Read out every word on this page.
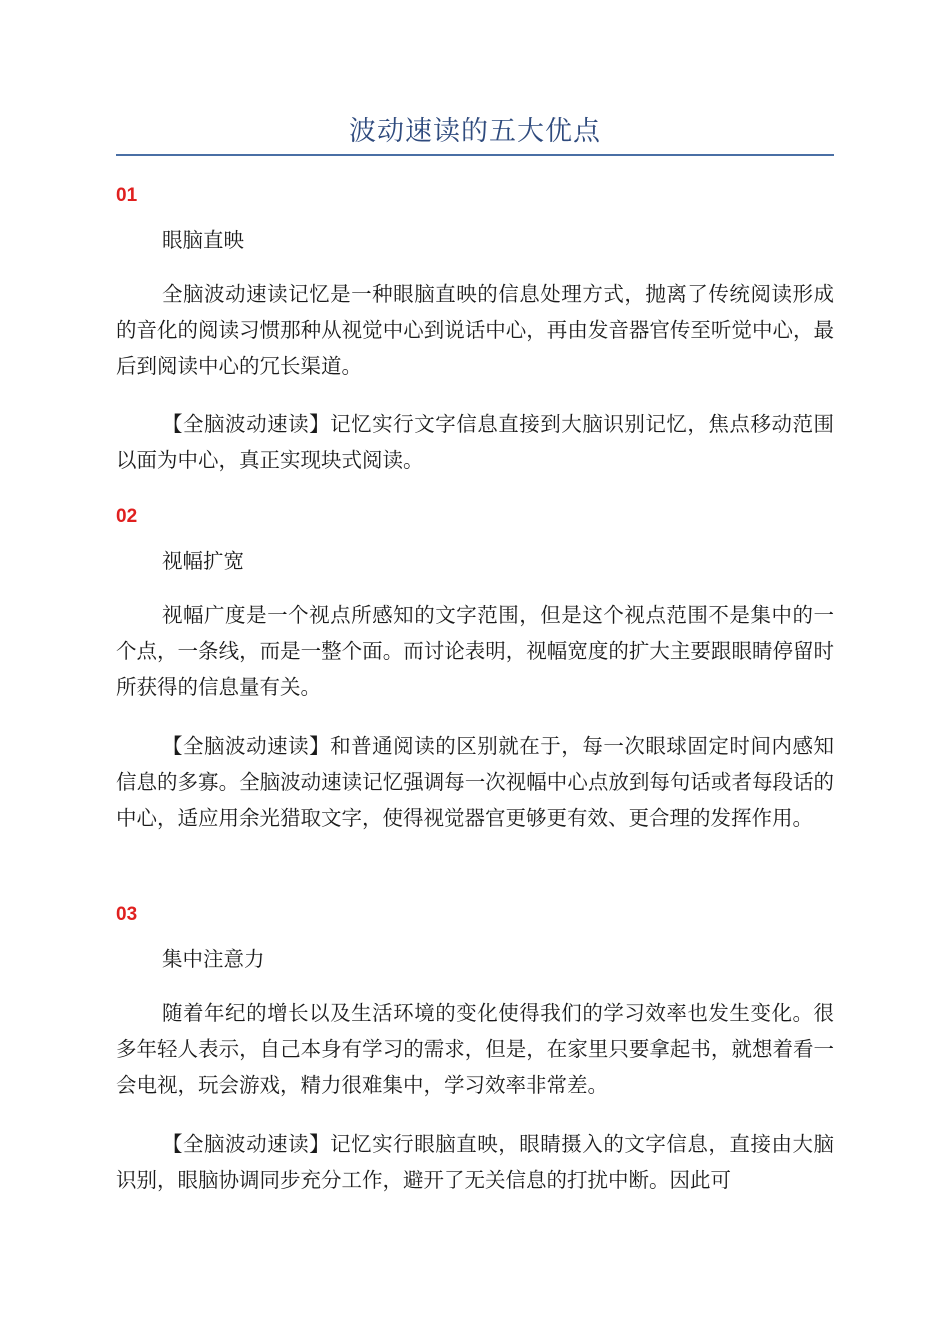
波动速读的五大优点
01
眼脑直映

全脑波动速读记忆是一种眼脑直映的信息处理方式，抛离了传统阅读形成的音化的阅读习惯那种从视觉中心到说话中心，再由发音器官传至听觉中心，最后到阅读中心的冗长渠道。

【全脑波动速读】记忆实行文字信息直接到大脑识别记忆，焦点移动范围以面为中心，真正实现块式阅读。

02
视幅扩宽

视幅广度是一个视点所感知的文字范围，但是这个视点范围不是集中的一个点，一条线，而是一整个面。而讨论表明，视幅宽度的扩大主要跟眼睛停留时所获得的信息量有关。

【全脑波动速读】和普通阅读的区别就在于，每一次眼球固定时间内感知信息的多寡。全脑波动速读记忆强调每一次视幅中心点放到每句话或者每段话的中心，适应用余光猎取文字，使得视觉器官更够更有效、更合理的发挥作用。

03
集中注意力

随着年纪的增长以及生活环境的变化使得我们的学习效率也发生变化。很多年轻人表示，自己本身有学习的需求，但是，在家里只要拿起书，就想着看一会电视，玩会游戏，精力很难集中，学习效率非常差。

【全脑波动速读】记忆实行眼脑直映，眼睛摄入的文字信息，直接由大脑识别，眼脑协调同步充分工作，避开了无关信息的打扰中断。因此可
